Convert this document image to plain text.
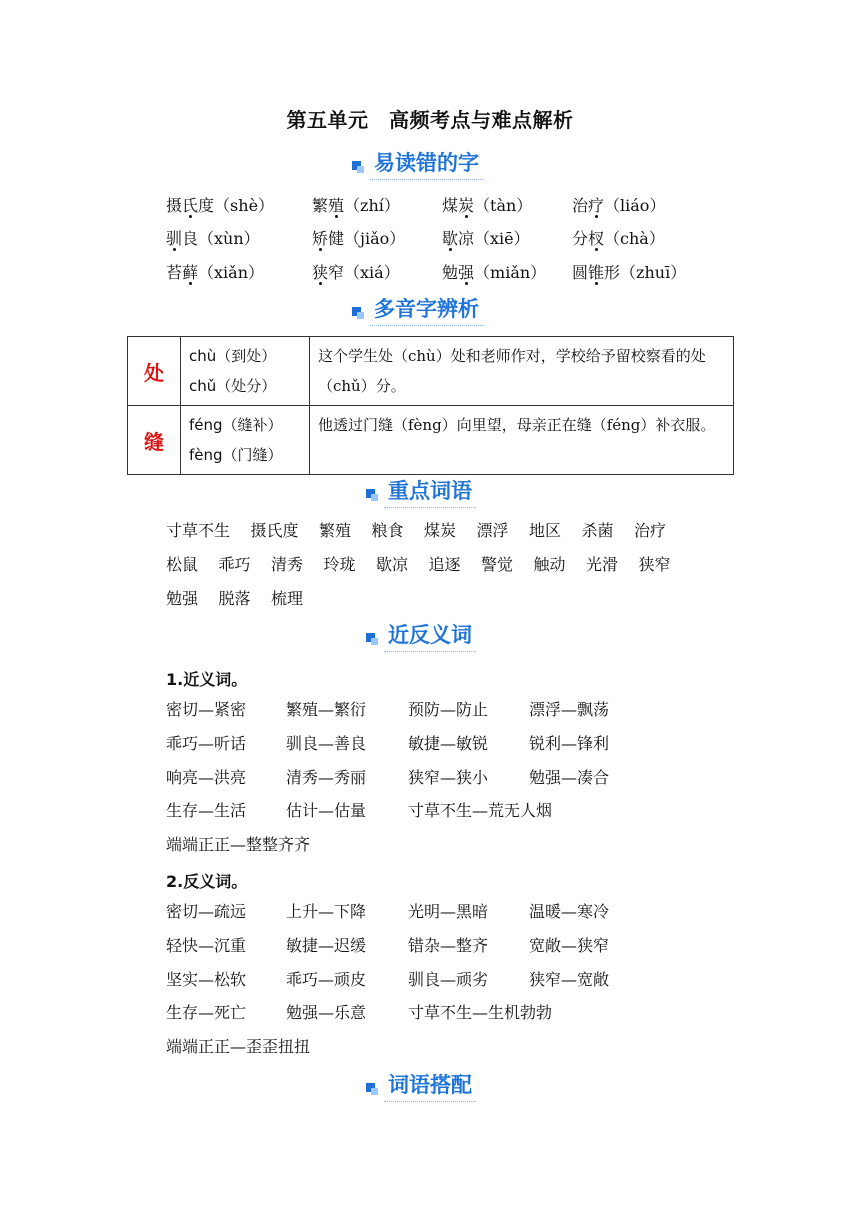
第五单元　高频考点与难点解析
易读错的字
摄氏度（shè） 繁殖（zhí）	煤炭（tàn） 治疗（liáo）
驯良（xùn）	矫健（jiǎo） 歇凉（xiē）	分杈（chà）
苔藓（xiǎn）	狭窄（xiá）	勉强（miǎn） 圆锥形（zhuī）
多音字辨析
处	chù（到处）
chǔ（处分）	这个学生处（chù）处和老师作对，学校给予留校察看的处（chǔ）分。
缝	féng（缝补）
fèng（门缝）	他透过门缝（fèng）向里望，母亲正在缝（féng）补衣服。
重点词语
寸草不生 摄氏度 繁殖 粮食 煤炭 漂浮 地区 杀菌 治疗
松鼠 乖巧 清秀 玲珑 歇凉 追逐 警觉 触动 光滑 狭窄
勉强 脱落 梳理
近反义词
1.近义词。
密切—紧密 繁殖—繁衍	预防—防止	漂浮—飘荡
乖巧—听话 驯良—善良	敏捷—敏锐	锐利—锋利
响亮—洪亮 清秀—秀丽	狭窄—狭小	勉强—凑合
生存—生活 估计—估量	寸草不生—荒无人烟
端端正正—整整齐齐
2.反义词。
密切—疏远 上升—下降	光明—黑暗	温暖—寒冷
轻快—沉重 敏捷—迟缓	错杂—整齐	宽敞—狭窄
坚实—松软 乖巧—顽皮	驯良—顽劣	狭窄—宽敞
生存—死亡 勉强—乐意	寸草不生—生机勃勃
端端正正—歪歪扭扭
词语搭配
